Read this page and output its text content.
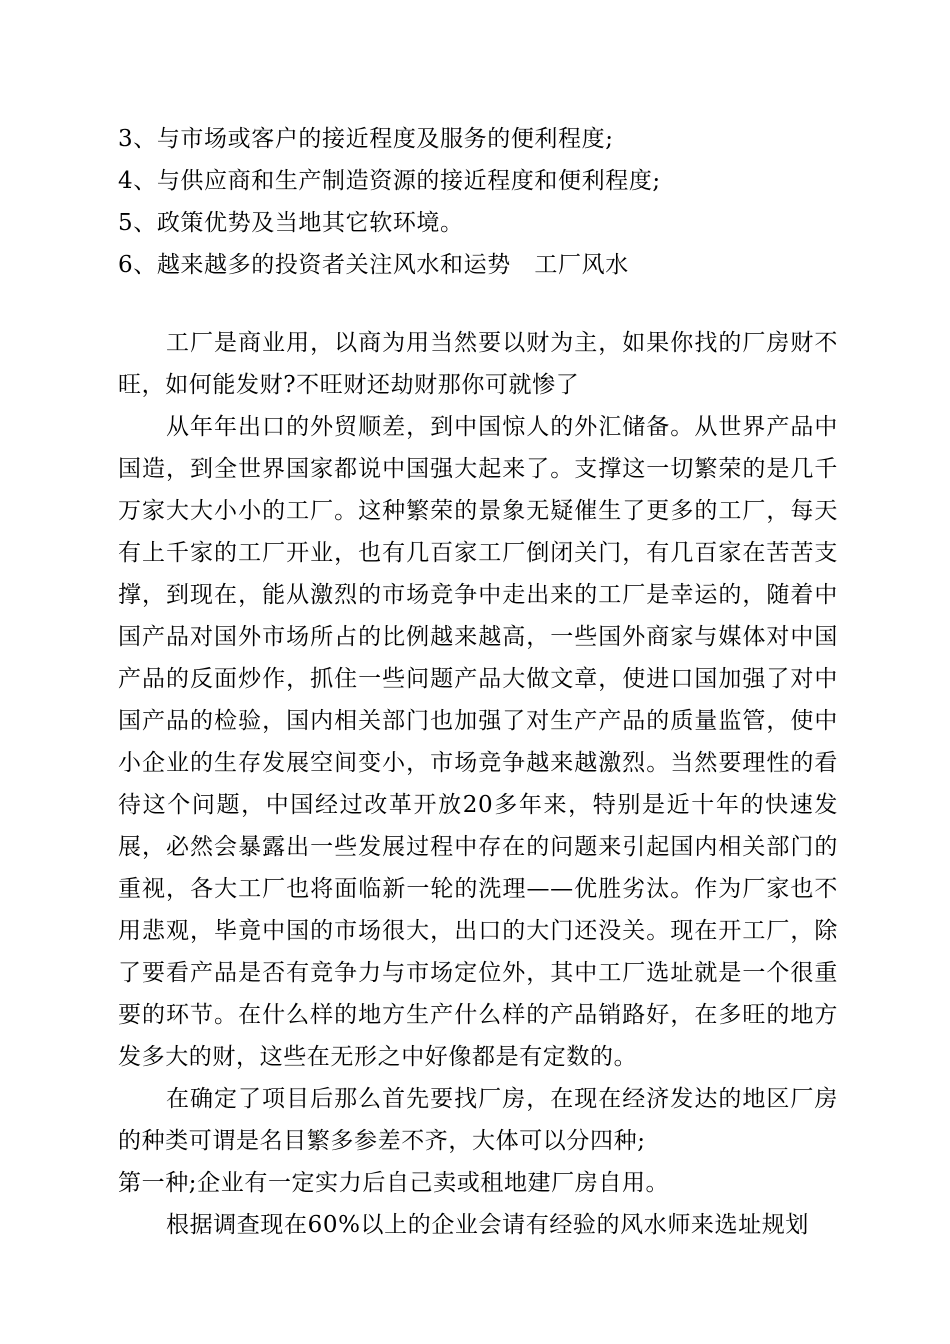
3、与市场或客户的接近程度及服务的便利程度;

4、与供应商和生产制造资源的接近程度和便利程度;

5、政策优势及当地其它软环境。

6、越来越多的投资者关注风水和运势　工厂风水

工厂是商业用，以商为用当然要以财为主，如果你找的厂房财不旺，如何能发财?不旺财还劫财那你可就惨了

从年年出口的外贸顺差，到中国惊人的外汇储备。从世界产品中国造，到全世界国家都说中国强大起来了。支撑这一切繁荣的是几千万家大大小小的工厂。这种繁荣的景象无疑催生了更多的工厂，每天有上千家的工厂开业，也有几百家工厂倒闭关门，有几百家在苦苦支撑，到现在，能从激烈的市场竞争中走出来的工厂是幸运的，随着中国产品对国外市场所占的比例越来越高，一些国外商家与媒体对中国产品的反面炒作，抓住一些问题产品大做文章，使进口国加强了对中国产品的检验，国内相关部门也加强了对生产产品的质量监管，使中小企业的生存发展空间变小，市场竞争越来越激烈。当然要理性的看待这个问题，中国经过改革开放20多年来，特别是近十年的快速发展，必然会暴露出一些发展过程中存在的问题来引起国内相关部门的重视，各大工厂也将面临新一轮的洗理——优胜劣汰。作为厂家也不用悲观，毕竟中国的市场很大，出口的大门还没关。现在开工厂，除了要看产品是否有竞争力与市场定位外，其中工厂选址就是一个很重要的环节。在什么样的地方生产什么样的产品销路好，在多旺的地方发多大的财，这些在无形之中好像都是有定数的。

在确定了项目后那么首先要找厂房，在现在经济发达的地区厂房的种类可谓是名目繁多参差不齐，大体可以分四种;

第一种;企业有一定实力后自己卖或租地建厂房自用。

根据调查现在60%以上的企业会请有经验的风水师来选址规划
